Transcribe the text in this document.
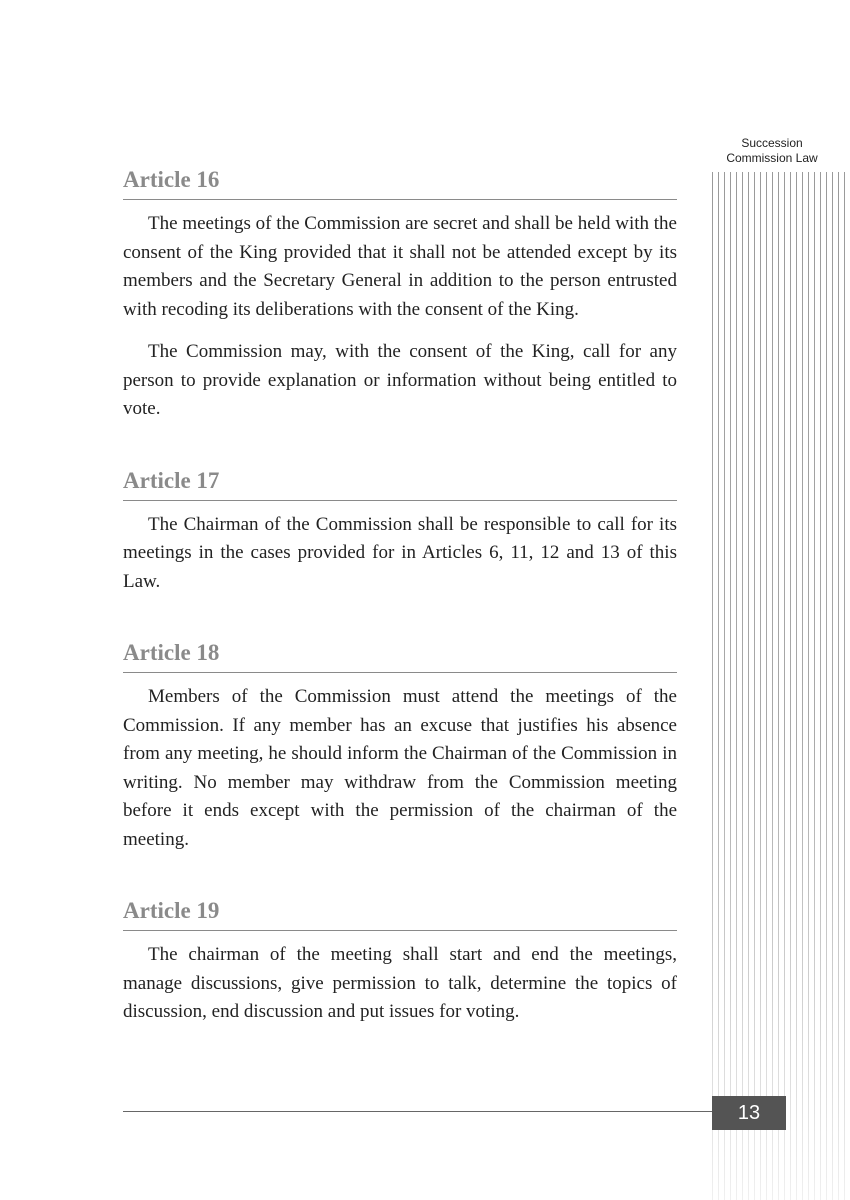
Succession
Commission Law
Article 16

The meetings of the Commission are secret and shall be held with the consent of the King provided that it shall not be attended except by its members and the Secretary General in addition to the person entrusted with recoding its deliberations with the consent of the King.

The Commission may, with the consent of the King, call for any person to provide explanation or information without being entitled to vote.

Article 17

The Chairman of the Commission shall be responsible to call for its meetings in the cases provided for in Articles 6, 11, 12 and 13 of this Law.

Article 18

Members of the Commission must attend the meetings of the Commission. If any member has an excuse that justifies his absence from any meeting, he should inform the Chairman of the Commission in writing. No member may withdraw from the Commission meeting before it ends except with the permission of the chairman of the meeting.

Article 19

The chairman of the meeting shall start and end the meetings, manage discussions, give permission to talk, determine the topics of discussion, end discussion and put issues for voting.

13
